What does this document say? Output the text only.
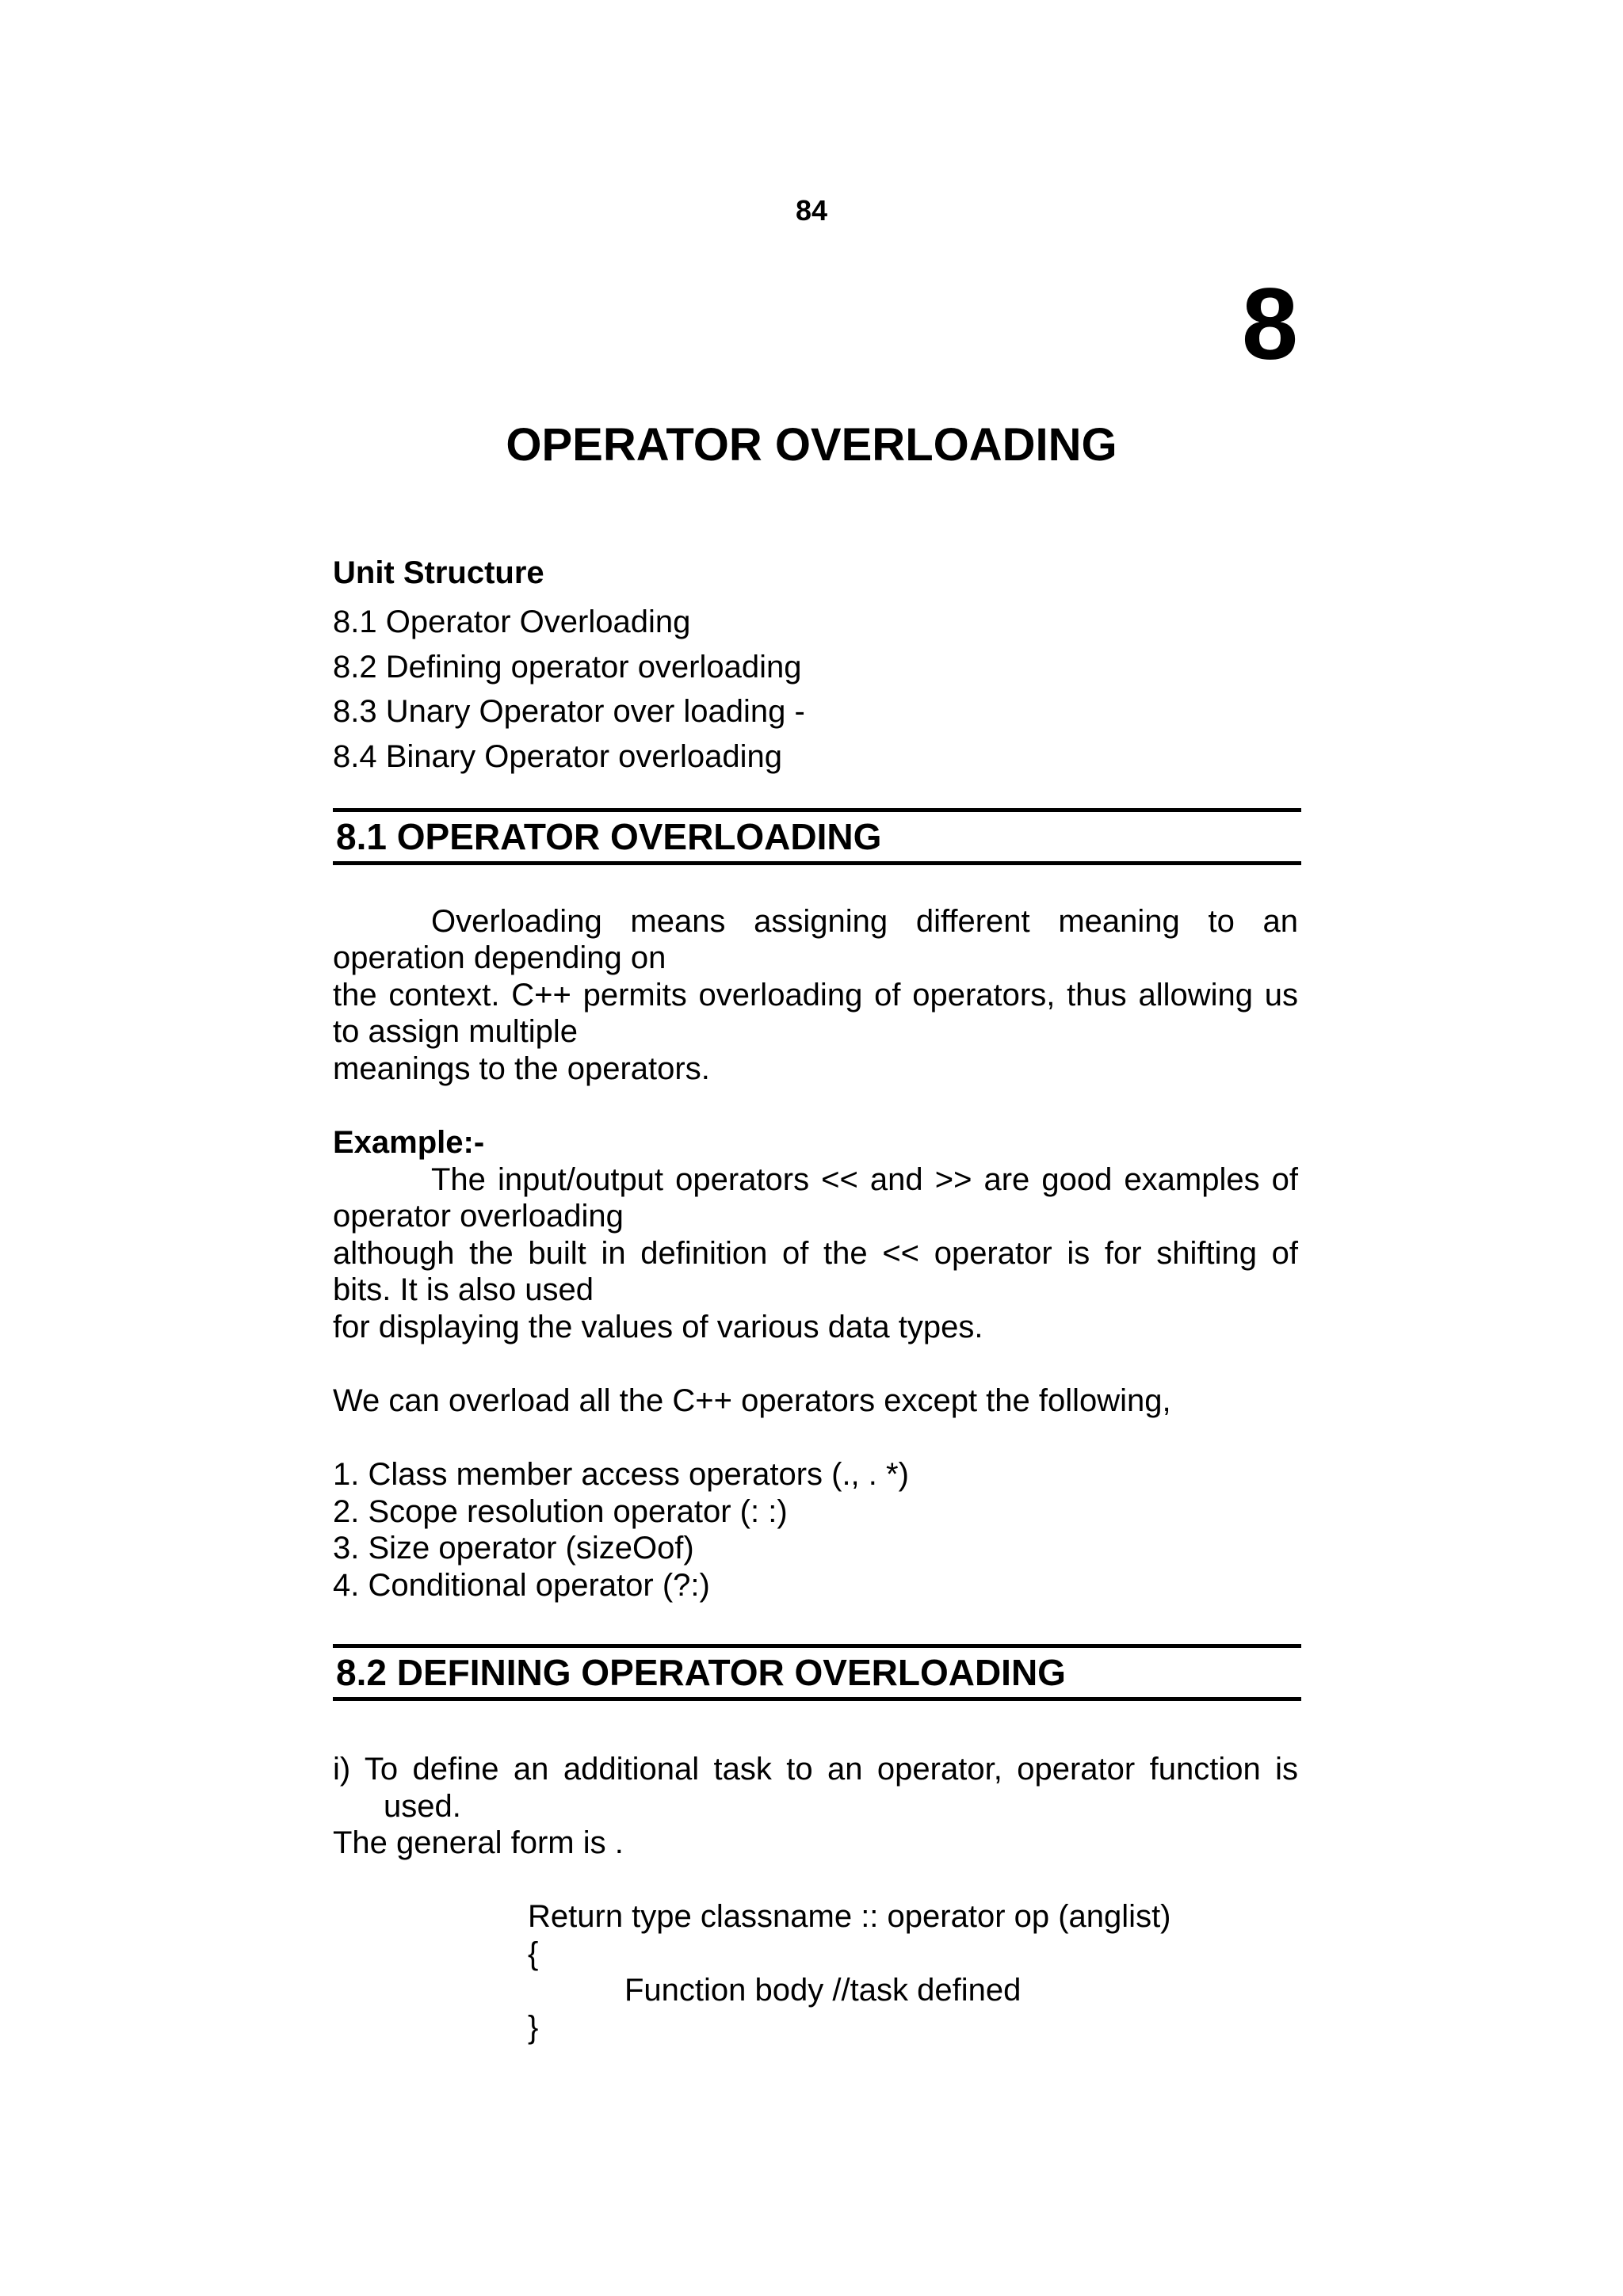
84
8
OPERATOR OVERLOADING
Unit Structure
8.1 Operator Overloading
8.2 Defining operator overloading
8.3 Unary Operator over loading -
8.4 Binary Operator overloading
8.1 OPERATOR OVERLOADING
Overloading means assigning different meaning to an
operation depending on
the context. C++ permits overloading of operators, thus allowing us
to assign multiple
meanings to the operators.
Example:-
The input/output operators << and >> are good examples of
operator overloading
although the built in definition of the << operator is for shifting of
bits. It is also used
for displaying the values of various data types.
We can overload all the C++ operators except the following,
1. Class member access operators (., . *)
2. Scope resolution operator (: :)
3. Size operator (sizeOof)
4. Conditional operator (?:)
8.2 DEFINING OPERATOR OVERLOADING
i) To define an additional task to an operator, operator function is
used.
The general form is .
Return type classname :: operator op (anglist)
{
Function body //task defined
}
